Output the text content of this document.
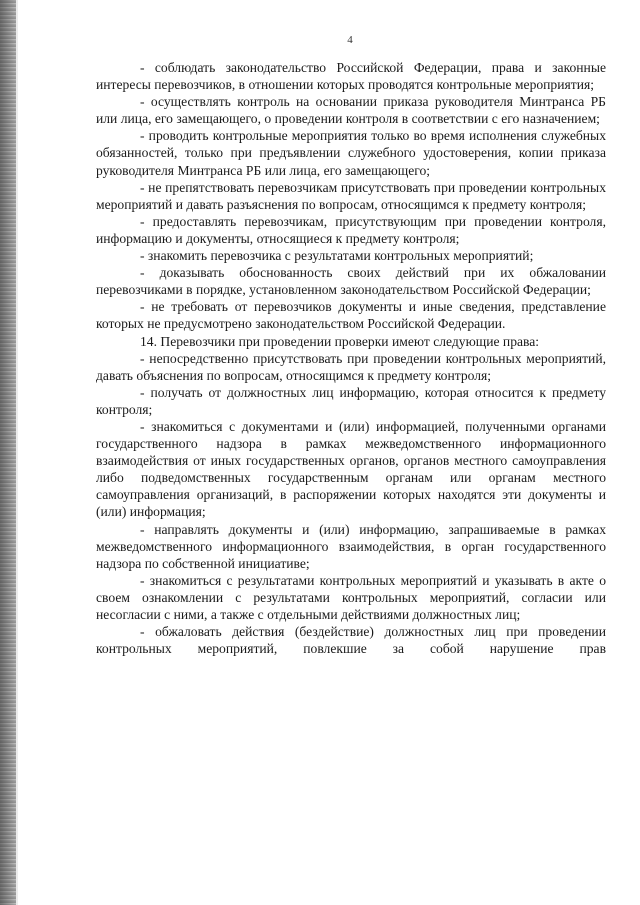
4

- соблюдать законодательство Российской Федерации, права и законные интересы перевозчиков, в отношении которых проводятся контрольные мероприятия;

- осуществлять контроль на основании приказа руководителя Минтранса РБ или лица, его замещающего, о проведении контроля в соответствии с его назначением;

- проводить контрольные мероприятия только во время исполнения служебных обязанностей, только при предъявлении служебного удостоверения, копии приказа руководителя Минтранса РБ или лица, его замещающего;

- не препятствовать перевозчикам присутствовать при проведении контрольных мероприятий и давать разъяснения по вопросам, относящимся к предмету контроля;

- предоставлять перевозчикам, присутствующим при проведении контроля, информацию и документы, относящиеся к предмету контроля;

- знакомить перевозчика с результатами контрольных мероприятий;

- доказывать обоснованность своих действий при их обжаловании перевозчиками в порядке, установленном законодательством Российской Федерации;

- не требовать от перевозчиков документы и иные сведения, представление которых не предусмотрено законодательством Российской Федерации.

14. Перевозчики при проведении проверки имеют следующие права:

- непосредственно присутствовать при проведении контрольных мероприятий, давать объяснения по вопросам, относящимся к предмету контроля;

- получать от должностных лиц информацию, которая относится к предмету контроля;

- знакомиться с документами и (или) информацией, полученными органами государственного надзора в рамках межведомственного информационного взаимодействия от иных государственных органов, органов местного самоуправления либо подведомственных государственным органам или органам местного самоуправления организаций, в распоряжении которых находятся эти документы и (или) информация;

- направлять документы и (или) информацию, запрашиваемые в рамках межведомственного информационного взаимодействия, в орган государственного надзора по собственной инициативе;

- знакомиться с результатами контрольных мероприятий и указывать в акте о своем ознакомлении с результатами контрольных мероприятий, согласии или несогласии с ними, а также с отдельными действиями должностных лиц;

- обжаловать действия (бездействие) должностных лиц при проведении контрольных мероприятий, повлекшие за собой нарушение прав
